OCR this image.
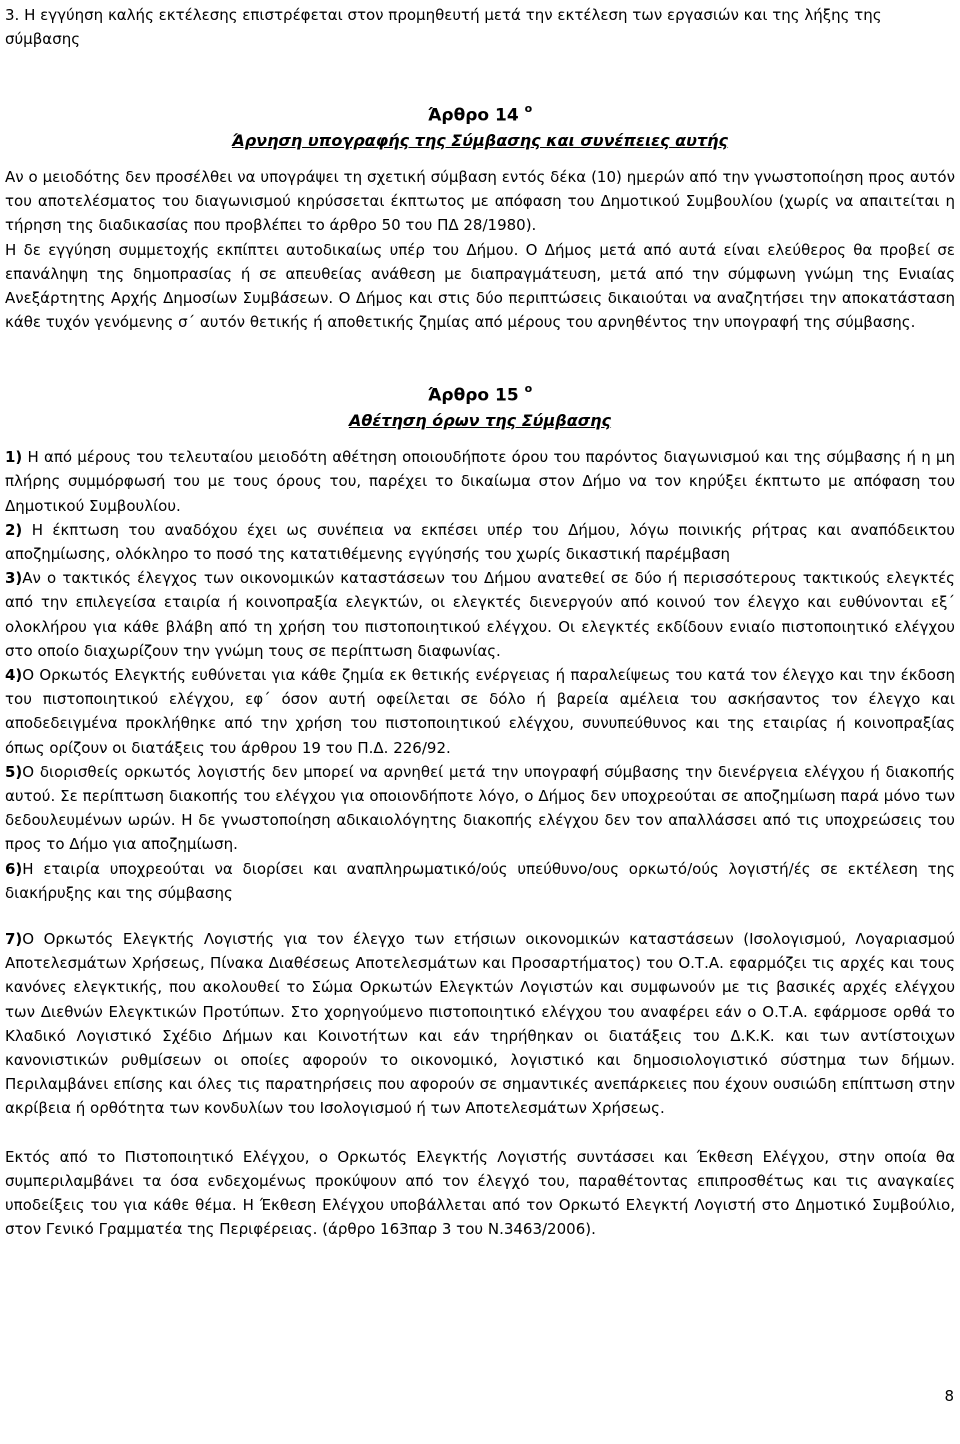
3. Η εγγύηση καλής εκτέλεσης επιστρέφεται στον προμηθευτή μετά την εκτέλεση των εργασιών και της λήξης της σύμβασης

Άρθρο 14 $^o$
Άρνηση υπογραφής της Σύμβασης και συνέπειες αυτής

Αν ο μειοδότης δεν προσέλθει να υπογράψει τη σχετική σύμβαση εντός δέκα (10) ημερών από την γνωστοποίηση προς αυτόν του αποτελέσματος του διαγωνισμού κηρύσσεται έκπτωτος με απόφαση του Δημοτικού Συμβουλίου (χωρίς να απαιτείται η τήρηση της διαδικασίας που προβλέπει το άρθρο 50 του ΠΔ 28/1980).

Η δε εγγύηση συμμετοχής εκπίπτει αυτοδικαίως υπέρ του Δήμου. Ο Δήμος μετά από αυτά είναι ελεύθερος θα προβεί σε επανάληψη της δημοπρασίας ή σε απευθείας ανάθεση με διαπραγμάτευση, μετά από την σύμφωνη γνώμη της Ενιαίας Ανεξάρτητης Αρχής Δημοσίων Συμβάσεων. Ο Δήμος και στις δύο περιπτώσεις δικαιούται να αναζητήσει την αποκατάσταση κάθε τυχόν γενόμενης σ΄ αυτόν θετικής ή αποθετικής ζημίας από μέρους του αρνηθέντος την υπογραφή της σύμβασης.

Άρθρο 15 $^o$
Αθέτηση όρων της Σύμβασης

1) Η από μέρους του τελευταίου μειοδότη αθέτηση οποιουδήποτε όρου του παρόντος διαγωνισμού και της σύμβασης ή η μη πλήρης συμμόρφωσή του με τους όρους του, παρέχει το δικαίωμα στον Δήμο να τον κηρύξει έκπτωτο με απόφαση του Δημοτικού Συμβουλίου.

2) Η έκπτωση του αναδόχου έχει ως συνέπεια να εκπέσει υπέρ του Δήμου, λόγω ποινικής ρήτρας και αναπόδεικτου αποζημίωσης, ολόκληρο το ποσό της κατατιθέμενης εγγύησής του χωρίς δικαστική παρέμβαση

3)Αν ο τακτικός έλεγχος των οικονομικών καταστάσεων του Δήμου ανατεθεί σε δύο ή περισσότερους τακτικούς ελεγκτές από την επιλεγείσα εταιρία ή κοινοπραξία ελεγκτών, οι ελεγκτές διενεργούν από κοινού τον έλεγχο και ευθύνονται εξ΄ ολοκλήρου για κάθε βλάβη από τη χρήση του πιστοποιητικού ελέγχου. Οι ελεγκτές εκδίδουν ενιαίο πιστοποιητικό ελέγχου στο οποίο διαχωρίζουν την γνώμη τους σε περίπτωση διαφωνίας.

4)Ο Ορκωτός Ελεγκτής ευθύνεται για κάθε ζημία εκ θετικής ενέργειας ή παραλείψεως του κατά τον έλεγχο και την έκδοση του πιστοποιητικού ελέγχου, εφ΄ όσον αυτή οφείλεται σε δόλο ή βαρεία αμέλεια του ασκήσαντος τον έλεγχο και αποδεδειγμένα προκλήθηκε από την χρήση του πιστοποιητικού ελέγχου, συνυπεύθυνος και της εταιρίας ή κοινοπραξίας όπως ορίζουν οι διατάξεις του άρθρου 19 του Π.Δ. 226/92.

5)Ο διορισθείς ορκωτός λογιστής δεν μπορεί να αρνηθεί μετά την υπογραφή σύμβασης την διενέργεια ελέγχου ή διακοπής αυτού. Σε περίπτωση διακοπής του ελέγχου για οποιονδήποτε λόγο, ο Δήμος δεν υποχρεούται σε αποζημίωση παρά μόνο των δεδουλευμένων ωρών. Η δε γνωστοποίηση αδικαιολόγητης διακοπής ελέγχου δεν τον απαλλάσσει από τις υποχρεώσεις του προς το Δήμο για αποζημίωση.

6)Η εταιρία υποχρεούται να διορίσει και αναπληρωματικό/ούς υπεύθυνο/ους ορκωτό/ούς λογιστή/ές σε εκτέλεση της διακήρυξης και της σύμβασης

7)Ο Ορκωτός Ελεγκτής Λογιστής για τον έλεγχο των ετήσιων οικονομικών καταστάσεων (Ισολογισμού, Λογαριασμού Αποτελεσμάτων Χρήσεως, Πίνακα Διαθέσεως Αποτελεσμάτων και Προσαρτήματος) του Ο.Τ.Α. εφαρμόζει τις αρχές και τους κανόνες ελεγκτικής, που ακολουθεί το Σώμα Ορκωτών Ελεγκτών Λογιστών και συμφωνούν με τις βασικές αρχές ελέγχου των Διεθνών Ελεγκτικών Προτύπων. Στο χορηγούμενο πιστοποιητικό ελέγχου του αναφέρει εάν ο Ο.Τ.Α. εφάρμοσε ορθά το Κλαδικό Λογιστικό Σχέδιο Δήμων και Κοινοτήτων και εάν τηρήθηκαν οι διατάξεις του Δ.Κ.Κ. και των αντίστοιχων κανονιστικών ρυθμίσεων οι οποίες αφορούν το οικονομικό, λογιστικό και δημοσιολογιστικό σύστημα των δήμων. Περιλαμβάνει επίσης και όλες τις παρατηρήσεις που αφορούν σε σημαντικές ανεπάρκειες που έχουν ουσιώδη επίπτωση στην ακρίβεια ή ορθότητα των κονδυλίων του Ισολογισμού ή των Αποτελεσμάτων Χρήσεως.

Εκτός από το Πιστοποιητικό Ελέγχου, ο Ορκωτός Ελεγκτής Λογιστής συντάσσει και Έκθεση Ελέγχου, στην οποία θα συμπεριλαμβάνει τα όσα ενδεχομένως προκύψουν από τον έλεγχό του, παραθέτοντας επιπροσθέτως και τις αναγκαίες υποδείξεις του για κάθε θέμα. Η Έκθεση Ελέγχου υποβάλλεται από τον Ορκωτό Ελεγκτή Λογιστή στο Δημοτικό Συμβούλιο, στον Γενικό Γραμματέα της Περιφέρειας. (άρθρο 163παρ 3 του Ν.3463/2006).

8
